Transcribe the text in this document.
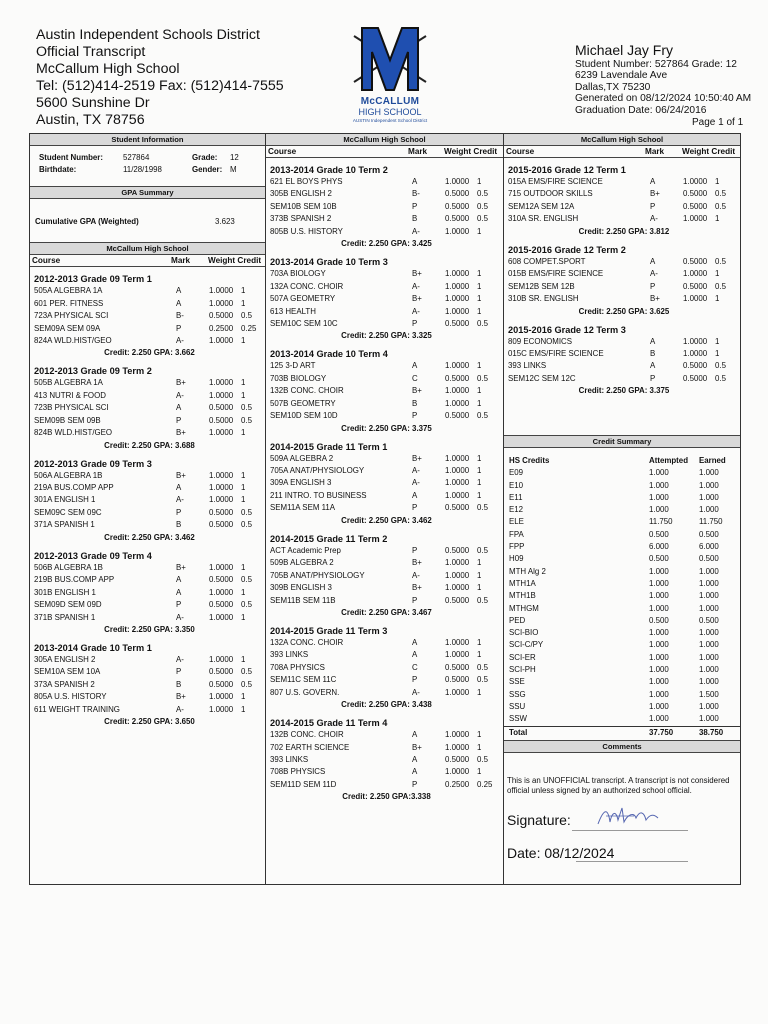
Austin Independent Schools District
Official Transcript
McCallum High School
Tel: (512)414-2519 Fax: (512)414-7555
5600 Sunshine Dr
Austin, TX 78756
McCALLUM
HIGH SCHOOL
AUSTIN Independent School District
Michael Jay Fry
Student Number: 527864 Grade: 12
6239 Lavendale Ave
Dallas,TX 75230
Generated on 08/12/2024 10:50:40 AM
Graduation Date: 06/24/2016
Page 1 of 1
Student Information
Student Number:	527864	Grade:	12
Birthdate:	11/28/1998	Gender: M
GPA Summary
Cumulative GPA (Weighted)	3.623
McCallum High School
Course	Mark	Weight Credit
2012-2013 Grade 09 Term 1
505A ALGEBRA 1A	A	1.0000 1
601 PER. FITNESS	A	1.0000 1
723A PHYSICAL SCI	B-	0.5000 0.5
SEM09A SEM 09A	P	0.2500 0.25
824A WLD.HIST/GEO	A-	1.0000 1
Credit: 2.250 GPA: 3.662
2012-2013 Grade 09 Term 2
505B ALGEBRA 1A	B+	1.0000 1
413 NUTRI & FOOD	A-	1.0000 1
723B PHYSICAL SCI	A	0.5000 0.5
SEM09B SEM 09B	P	0.5000 0.5
824B WLD.HIST/GEO	B+	1.0000 1
Credit: 2.250 GPA: 3.688
2012-2013 Grade 09 Term 3
506A ALGEBRA 1B	B+	1.0000 1
219A BUS.COMP APP	A	1.0000 1
301A ENGLISH 1	A-	1.0000 1
SEM09C SEM 09C	P	0.5000 0.5
371A SPANISH 1	B	0.5000 0.5
Credit: 2.250 GPA: 3.462
2012-2013 Grade 09 Term 4
506B ALGEBRA 1B	B+	1.0000 1
219B BUS.COMP APP	A	0.5000 0.5
301B ENGLISH 1	A	1.0000 1
SEM09D SEM 09D	P	0.5000 0.5
371B SPANISH 1	A-	1.0000 1
Credit: 2.250 GPA: 3.350
2013-2014 Grade 10 Term 1
305A ENGLISH 2	A-	1.0000 1
SEM10A SEM 10A	P	0.5000 0.5
373A SPANISH 2	B	0.5000 0.5
805A U.S. HISTORY	B+	1.0000 1
611 WEIGHT TRAINING	A-	1.0000 1
Credit: 2.250 GPA: 3.650
McCallum High School
Course	Mark	Weight Credit
2013-2014 Grade 10 Term 2
621 EL BOYS PHYS	A	1.0000 1
305B ENGLISH 2	B-	0.5000 0.5
SEM10B SEM 10B	P	0.5000 0.5
373B SPANISH 2	B	0.5000 0.5
805B U.S. HISTORY	A-	1.0000 1
Credit: 2.250 GPA: 3.425
2013-2014 Grade 10 Term 3
703A BIOLOGY	B+	1.0000 1
132A CONC. CHOIR	A-	1.0000 1
507A GEOMETRY	B+	1.0000 1
613 HEALTH	A-	1.0000 1
SEM10C SEM 10C	P	0.5000 0.5
Credit: 2.250 GPA: 3.325
2013-2014 Grade 10 Term 4
125 3-D ART	A	1.0000 1
703B BIOLOGY	C	0.5000 0.5
132B CONC. CHOIR	B+	1.0000 1
507B GEOMETRY	B	1.0000 1
SEM10D SEM 10D	P	0.5000 0.5
Credit: 2.250 GPA: 3.375
2014-2015 Grade 11 Term 1
509A ALGEBRA 2	B+	1.0000 1
705A ANAT/PHYSIOLOGY	A-	1.0000 1
309A ENGLISH 3	A-	1.0000 1
211 INTRO. TO BUSINESS	A	1.0000 1
SEM11A SEM 11A	P	0.5000 0.5
Credit: 2.250 GPA: 3.462
2014-2015 Grade 11 Term 2
ACT Academic Prep	P	0.5000 0.5
509B ALGEBRA 2	B+	1.0000 1
705B ANAT/PHYSIOLOGY	A-	1.0000 1
309B ENGLISH 3	B+	1.0000 1
SEM11B SEM 11B	P	0.5000 0.5
Credit: 2.250 GPA: 3.467
2014-2015 Grade 11 Term 3
132A CONC. CHOIR	A	1.0000 1
393 LINKS	A	1.0000 1
708A PHYSICS	C	0.5000 0.5
SEM11C SEM 11C	P	0.5000 0.5
807 U.S. GOVERN.	A-	1.0000 1
Credit: 2.250 GPA: 3.438
2014-2015 Grade 11 Term 4
132B CONC. CHOIR	A	1.0000 1
702 EARTH SCIENCE	B+	1.0000 1
393 LINKS	A	0.5000 0.5
708B PHYSICS	A	1.0000 1
SEM11D SEM 11D	P	0.2500 0.25
Credit: 2.250 GPA:3.338
McCallum High School
Course	Mark	Weight Credit
2015-2016 Grade 12 Term 1
015A EMS/FIRE SCIENCE	A	1.0000 1
715 OUTDOOR SKILLS	B+	0.5000 0.5
SEM12A SEM 12A	P	0.5000 0.5
310A SR. ENGLISH	A-	1.0000 1
Credit: 2.250 GPA: 3.812
2015-2016 Grade 12 Term 2
608 COMPET.SPORT	A	0.5000 0.5
015B EMS/FIRE SCIENCE	A-	1.0000 1
SEM12B SEM 12B	P	0.5000 0.5
310B SR. ENGLISH	B+	1.0000 1
Credit: 2.250 GPA: 3.625
2015-2016 Grade 12 Term 3
809 ECONOMICS	A	1.0000 1
015C EMS/FIRE SCIENCE	B	1.0000 1
393 LINKS	A	0.5000 0.5
SEM12C SEM 12C	P	0.5000 0.5
Credit: 2.250 GPA: 3.375
Credit Summary
HS Credits	Attempted	Earned
E09	1.000	1.000
E10	1.000	1.000
E11	1.000	1.000
E12	1.000	1.000
ELE	11.750	11.750
FPA	0.500	0.500
FPP	6.000	6.000
H09	0.500	0.500
MTH Alg 2	1.000	1.000
MTH1A	1.000	1.000
MTH1B	1.000	1.000
MTHGM	1.000	1.000
PED	0.500	0.500
SCI-BIO	1.000	1.000
SCI-C/PY	1.000	1.000
SCI-ER	1.000	1.000
SCI-PH	1.000	1.000
SSE	1.000	1.000
SSG	1.000	1.500
SSU	1.000	1.000
SSW	1.000	1.000
Total	37.750	38.750
Comments
This is an UNOFFICIAL transcript. A transcript is not considered official unless signed by an authorized school official.
Signature:
Date: 08/12/2024
